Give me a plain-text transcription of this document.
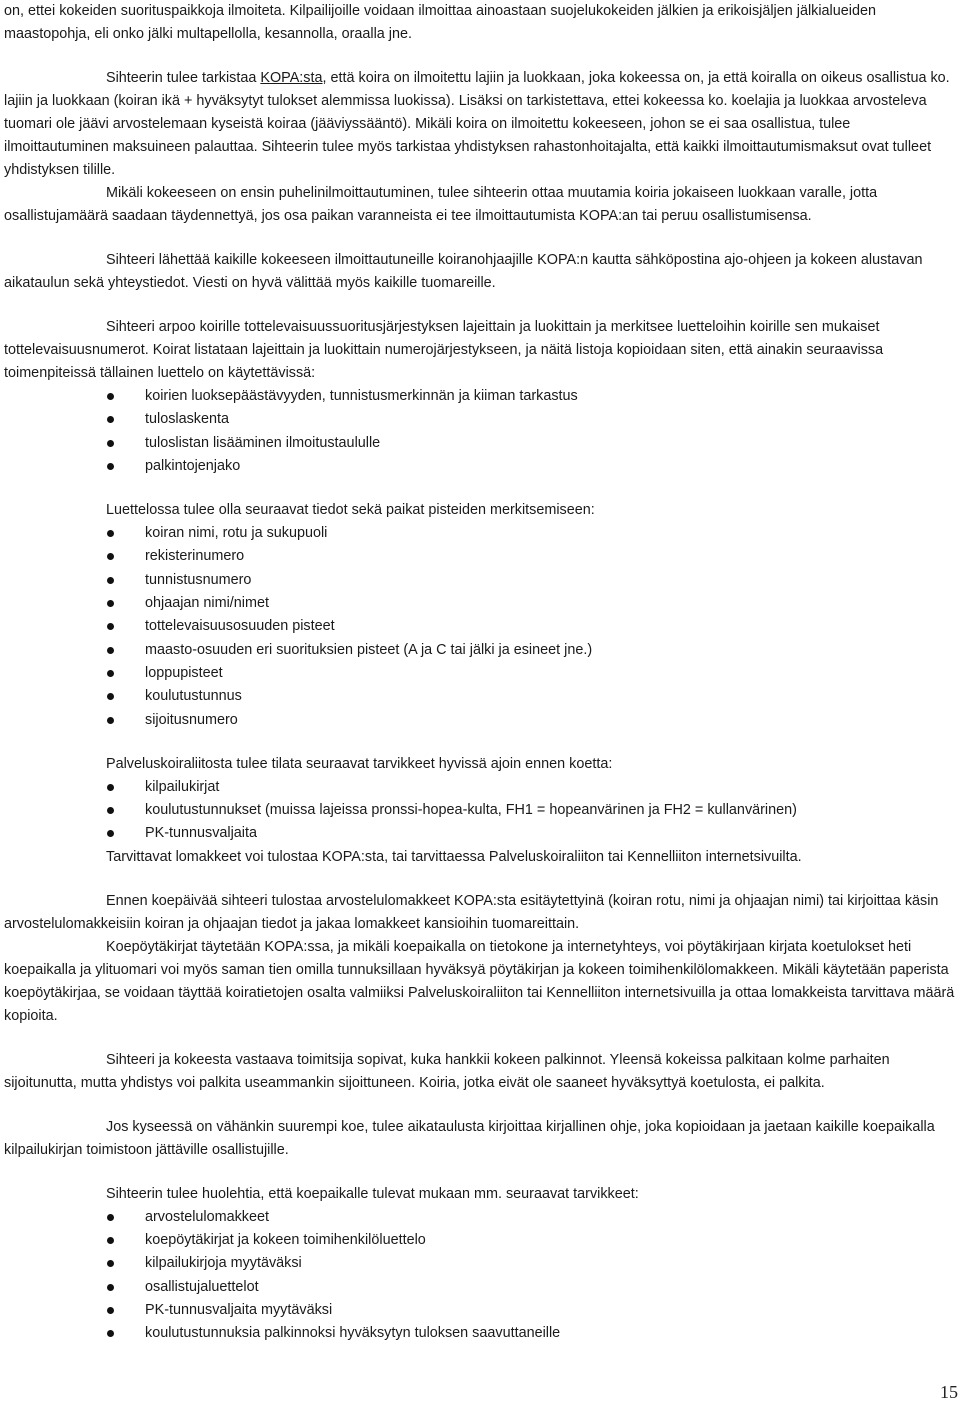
on, ettei kokeiden suorituspaikkoja ilmoiteta. Kilpailijoille voidaan ilmoittaa ainoastaan suojelukokeiden jälkien ja erikoisjäljen jälkialueiden maastopohja, eli onko jälki multapellolla, kesannolla, oraalla jne.

Sihteerin tulee tarkistaa KOPA:sta, että koira on ilmoitettu lajiin ja luokkaan, joka kokeessa on, ja että koiralla on oikeus osallistua ko. lajiin ja luokkaan (koiran ikä + hyväksytyt tulokset alemmissa luokissa). Lisäksi on tarkistettava, ettei kokeessa ko. koelajia ja luokkaa arvosteleva tuomari ole jäävi arvostelemaan kyseistä koiraa (jääviyssääntö). Mikäli koira on ilmoitettu kokeeseen, johon se ei saa osallistua, tulee ilmoittautuminen maksuineen palauttaa. Sihteerin tulee myös tarkistaa yhdistyksen rahastonhoitajalta, että kaikki ilmoittautumismaksut ovat tulleet yhdistyksen tilille.

Mikäli kokeeseen on ensin puhelinilmoittautuminen, tulee sihteerin ottaa muutamia koiria jokaiseen luokkaan varalle, jotta osallistujamäärä saadaan täydennettyä, jos osa paikan varanneista ei tee ilmoittautumista KOPA:an tai peruu osallistumisensa.

Sihteeri lähettää kaikille kokeeseen ilmoittautuneille koiranohjaajille KOPA:n kautta sähköpostina ajo-ohjeen ja kokeen alustavan aikataulun sekä yhteystiedot. Viesti on hyvä välittää myös kaikille tuomareille.

Sihteeri arpoo koirille tottelevaisuussuoritusjärjestyksen lajeittain ja luokittain ja merkitsee luetteloihin koirille sen mukaiset tottelevaisuusnumerot. Koirat listataan lajeittain ja luokittain numerojärjestykseen, ja näitä listoja kopioidaan siten, että ainakin seuraavissa toimenpiteissä tällainen luettelo on käytettävissä:

koirien luoksepäästävyyden, tunnistusmerkinnän ja kiiman tarkastus
tuloslaskenta
tuloslistan lisääminen ilmoitustaululle
palkintojenjako

Luettelossa tulee olla seuraavat tiedot sekä paikat pisteiden merkitsemiseen:

koiran nimi, rotu ja sukupuoli
rekisterinumero
tunnistusnumero
ohjaajan nimi/nimet
tottelevaisuusosuuden pisteet
maasto-osuuden eri suorituksien pisteet (A ja C tai jälki ja esineet jne.)
loppupisteet
koulutustunnus
sijoitusnumero

Palveluskoiraliitosta tulee tilata seuraavat tarvikkeet hyvissä ajoin ennen koetta:

kilpailukirjat
koulutustunnukset (muissa lajeissa pronssi-hopea-kulta, FH1 = hopeanvärinen ja FH2 = kullanvärinen)
PK-tunnusvaljaita

Tarvittavat lomakkeet voi tulostaa KOPA:sta, tai tarvittaessa Palveluskoiraliiton tai Kennelliiton internetsivuilta.

Ennen koepäivää sihteeri tulostaa arvostelulomakkeet KOPA:sta esitäytettyinä (koiran rotu, nimi ja ohjaajan nimi) tai kirjoittaa käsin arvostelulomakkeisiin koiran ja ohjaajan tiedot ja jakaa lomakkeet kansioihin tuomareittain.

Koepöytäkirjat täytetään KOPA:ssa, ja mikäli koepaikalla on tietokone ja internetyhteys, voi pöytäkirjaan kirjata koetulokset heti koepaikalla ja ylituomari voi myös saman tien omilla tunnuksillaan hyväksyä pöytäkirjan ja kokeen toimihenkilölomakkeen. Mikäli käytetään paperista koepöytäkirjaa, se voidaan täyttää koiratietojen osalta valmiiksi Palveluskoiraliiton tai Kennelliiton internetsivuilla ja ottaa lomakkeista tarvittava määrä kopioita.

Sihteeri ja kokeesta vastaava toimitsija sopivat, kuka hankkii kokeen palkinnot. Yleensä kokeissa palkitaan kolme parhaiten sijoitunutta, mutta yhdistys voi palkita useammankin sijoittuneen. Koiria, jotka eivät ole saaneet hyväksyttyä koetulosta, ei palkita.

Jos kyseessä on vähänkin suurempi koe, tulee aikataulusta kirjoittaa kirjallinen ohje, joka kopioidaan ja jaetaan kaikille koepaikalla kilpailukirjan toimistoon jättäville osallistujille.

Sihteerin tulee huolehtia, että koepaikalle tulevat mukaan mm. seuraavat tarvikkeet:

arvostelulomakkeet
koepöytäkirjat ja kokeen toimihenkilöluettelo
kilpailukirjoja myytäväksi
osallistujaluettelot
PK-tunnusvaljaita myytäväksi
koulutustunnuksia palkinnoksi hyväksytyn tuloksen saavuttaneille
15
